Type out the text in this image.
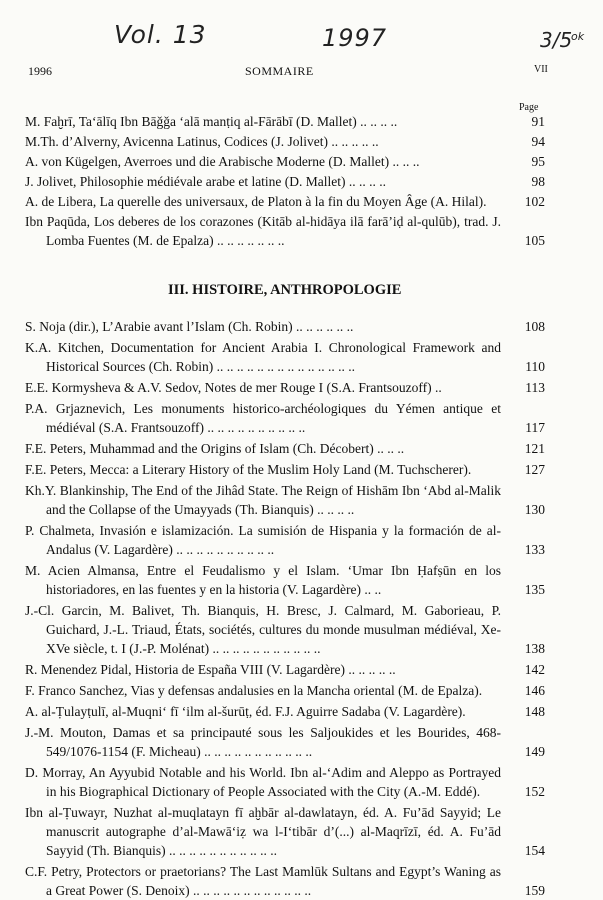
Vol. 13	1997	3/5
ok
1996	SOMMAIRE	VII
Page
M. Faḫrī, Ta‘ālīq Ibn Bāǧǧa ‘alā manṭiq al-Fārābī (D. Mallet) .. .. .. ..	91
M.Th. d’Alverny, Avicenna Latinus, Codices (J. Jolivet) .. .. .. .. ..	94
A. von Kügelgen, Averroes und die Arabische Moderne (D. Mallet) .. .. ..	95
J. Jolivet, Philosophie médiévale arabe et latine (D. Mallet) .. .. .. ..	98
A. de Libera, La querelle des universaux, de Platon à la fin du Moyen Âge (A. Hilal).	102
Ibn Paqūda, Los deberes de los corazones (Kitāb al-hidāya ilā farā’iḍ al-qulūb), trad. J. Lomba Fuentes (M. de Epalza) .. .. .. .. .. .. ..	105
III. HISTOIRE, ANTHROPOLOGIE
S. Noja (dir.), L’Arabie avant l’Islam (Ch. Robin) .. .. .. .. .. ..	108
K.A. Kitchen, Documentation for Ancient Arabia I. Chronological Framework and Historical Sources (Ch. Robin) .. .. .. .. .. .. .. .. .. .. .. .. .. ..	110
E.E. Kormysheva & A.V. Sedov, Notes de mer Rouge I (S.A. Frantsouzoff) ..	113
P.A. Grjaznevich, Les monuments historico-archéologiques du Yémen antique et médiéval (S.A. Frantsouzoff) .. .. .. .. .. .. .. .. .. ..	117
F.E. Peters, Muhammad and the Origins of Islam (Ch. Décobert) .. .. ..	121
F.E. Peters, Mecca: a Literary History of the Muslim Holy Land (M. Tuchscherer).	127
Kh.Y. Blankinship, The End of the Jihâd State. The Reign of Hishām Ibn ‘Abd al-Malik and the Collapse of the Umayyads (Th. Bianquis) .. .. .. ..	130
P. Chalmeta, Invasión e islamización. La sumisión de Hispania y la formación de al-Andalus (V. Lagardère) .. .. .. .. .. .. .. .. .. ..	133
M. Acien Almansa, Entre el Feudalismo y el Islam. ‘Umar Ibn Ḥafṣūn en los historiadores, en las fuentes y en la historia (V. Lagardère) .. ..	135
J.-Cl. Garcin, M. Balivet, Th. Bianquis, H. Bresc, J. Calmard, M. Gaborieau, P. Guichard, J.-L. Triaud, États, sociétés, cultures du monde musulman médiéval, Xe-XVe siècle, t. I (J.-P. Molénat) .. .. .. .. .. .. .. .. .. .. ..	138
R. Menendez Pidal, Historia de España VIII (V. Lagardère) .. .. .. .. ..	142
F. Franco Sanchez, Vias y defensas andalusies en la Mancha oriental (M. de Epalza).	146
A. al-Ṭulayṭulī, al-Muqni‘ fī ‘ilm al-šurūṭ, éd. F.J. Aguirre Sadaba (V. Lagardère).	148
J.-M. Mouton, Damas et sa principauté sous les Saljoukides et les Bourides, 468-549/1076-1154 (F. Micheau) .. .. .. .. .. .. .. .. .. .. ..	149
D. Morray, An Ayyubid Notable and his World. Ibn al-‘Adim and Aleppo as Portrayed in his Biographical Dictionary of People Associated with the City (A.-M. Eddé).	152
Ibn al-Ṭuwayr, Nuzhat al-muqlatayn fī aḫbār al-dawlatayn, éd. A. Fu’ād Sayyid; Le manuscrit autographe d’al-Mawā‘iẓ wa l-I‘tibār d’(...) al-Maqrīzī, éd. A. Fu’ād Sayyid (Th. Bianquis) .. .. .. .. .. .. .. .. .. .. ..	154
C.F. Petry, Protectors or praetorians? The Last Mamlūk Sultans and Egypt’s Waning as a Great Power (S. Denoix) .. .. .. .. .. .. .. .. .. .. .. ..	159
